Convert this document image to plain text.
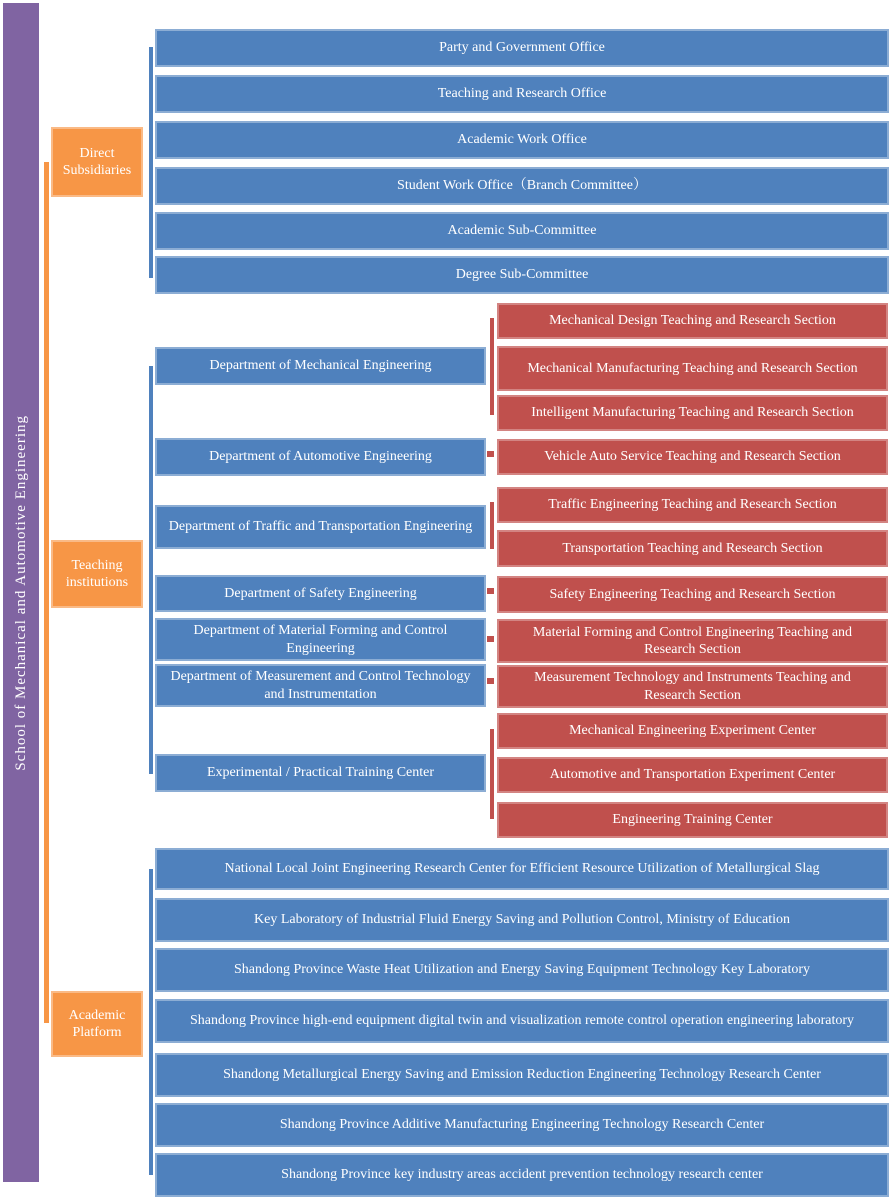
School of Mechanical and Automotive Engineering
Direct Subsidiaries
Teaching institutions
Academic Platform
Party and Government Office
Teaching and Research Office
Academic Work Office
Student Work Office（Branch Committee）
Academic Sub-Committee
Degree Sub-Committee
Department of Mechanical Engineering
Department of Automotive Engineering
Department of Traffic and Transportation Engineering
Department of Safety Engineering
Department of Material Forming and Control Engineering
Department of Measurement and Control Technology and Instrumentation
Experimental / Practical Training Center
Mechanical Design Teaching and Research Section
Mechanical Manufacturing Teaching and Research Section
Intelligent Manufacturing Teaching and Research Section
Vehicle Auto Service Teaching and Research Section
Traffic Engineering Teaching and Research Section
Transportation Teaching and Research Section
Safety Engineering Teaching and Research Section
Material Forming and Control Engineering Teaching and Research Section
Measurement Technology and Instruments Teaching and Research Section
Mechanical Engineering Experiment Center
Automotive and Transportation Experiment Center
Engineering Training Center
National Local Joint Engineering Research Center for Efficient Resource Utilization of Metallurgical Slag
Key Laboratory of Industrial Fluid Energy Saving and Pollution Control, Ministry of Education
Shandong Province Waste Heat Utilization and Energy Saving Equipment Technology Key Laboratory
Shandong Province high-end equipment digital twin and visualization remote control operation engineering laboratory
Shandong Metallurgical Energy Saving and Emission Reduction Engineering Technology Research Center
Shandong Province Additive Manufacturing Engineering Technology Research Center
Shandong Province key industry areas accident prevention technology research center
